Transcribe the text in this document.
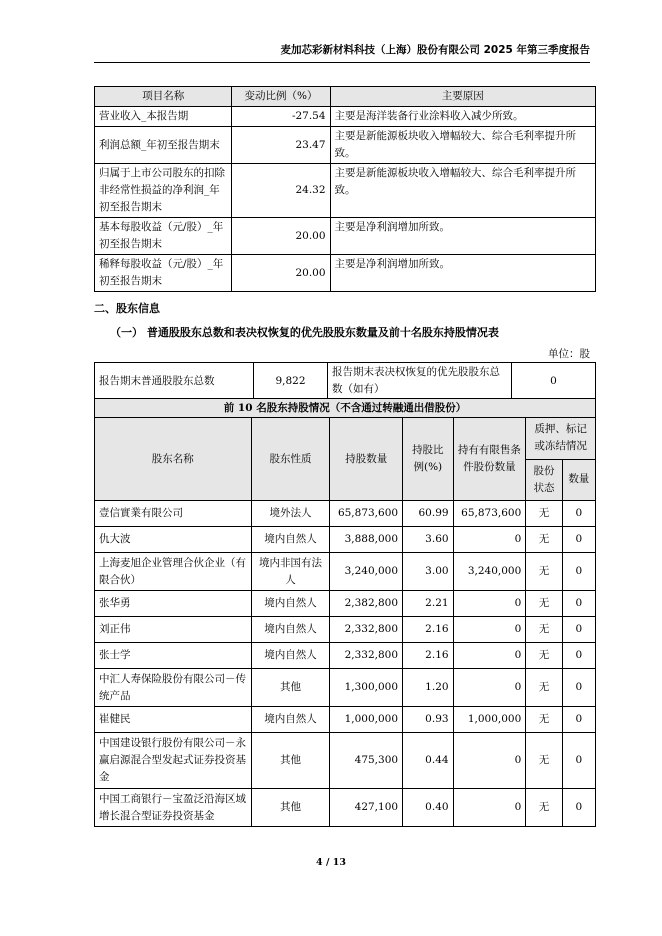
麦加芯彩新材料科技（上海）股份有限公司 2025 年第三季度报告
项目名称	变动比例（%）	主要原因
营业收入_本报告期	-27.54	主要是海洋装备行业涂料收入减少所致。
利润总额_年初至报告期末	23.47	主要是新能源板块收入增幅较大、综合毛利率提升所致。
归属于上市公司股东的扣除非经常性损益的净利润_年初至报告期末	24.32	主要是新能源板块收入增幅较大、综合毛利率提升所致。
基本每股收益（元/股）_年初至报告期末	20.00	主要是净利润增加所致。
稀释每股收益（元/股）_年初至报告期末	20.00	主要是净利润增加所致。
二、股东信息
（一） 普通股股东总数和表决权恢复的优先股股东数量及前十名股东持股情况表
单位：股
报告期末普通股股东总数	9,822	报告期末表决权恢复的优先股股东总数（如有）	0
前 10 名股东持股情况（不含通过转融通出借股份）						
股东名称	股东性质	持股数量	持股比例(%)	持有有限售条件股份数量	质押、标记或冻结情况	
					股份状态	数量
壹信實業有限公司	境外法人	65,873,600	60.99	65,873,600	无	0
仇大波	境内自然人	3,888,000	3.60	0	无	0
上海麦旭企业管理合伙企业（有限合伙）	境内非国有法人	3,240,000	3.00	3,240,000	无	0
张华勇	境内自然人	2,382,800	2.21	0	无	0
刘正伟	境内自然人	2,332,800	2.16	0	无	0
张士学	境内自然人	2,332,800	2.16	0	无	0
中汇人寿保险股份有限公司－传统产品	其他	1,300,000	1.20	0	无	0
崔健民	境内自然人	1,000,000	0.93	1,000,000	无	0
中国建设银行股份有限公司－永赢启源混合型发起式证券投资基金	其他	475,300	0.44	0	无	0
中国工商银行－宝盈泛沿海区域增长混合型证券投资基金	其他	427,100	0.40	0	无	0
4 / 13
